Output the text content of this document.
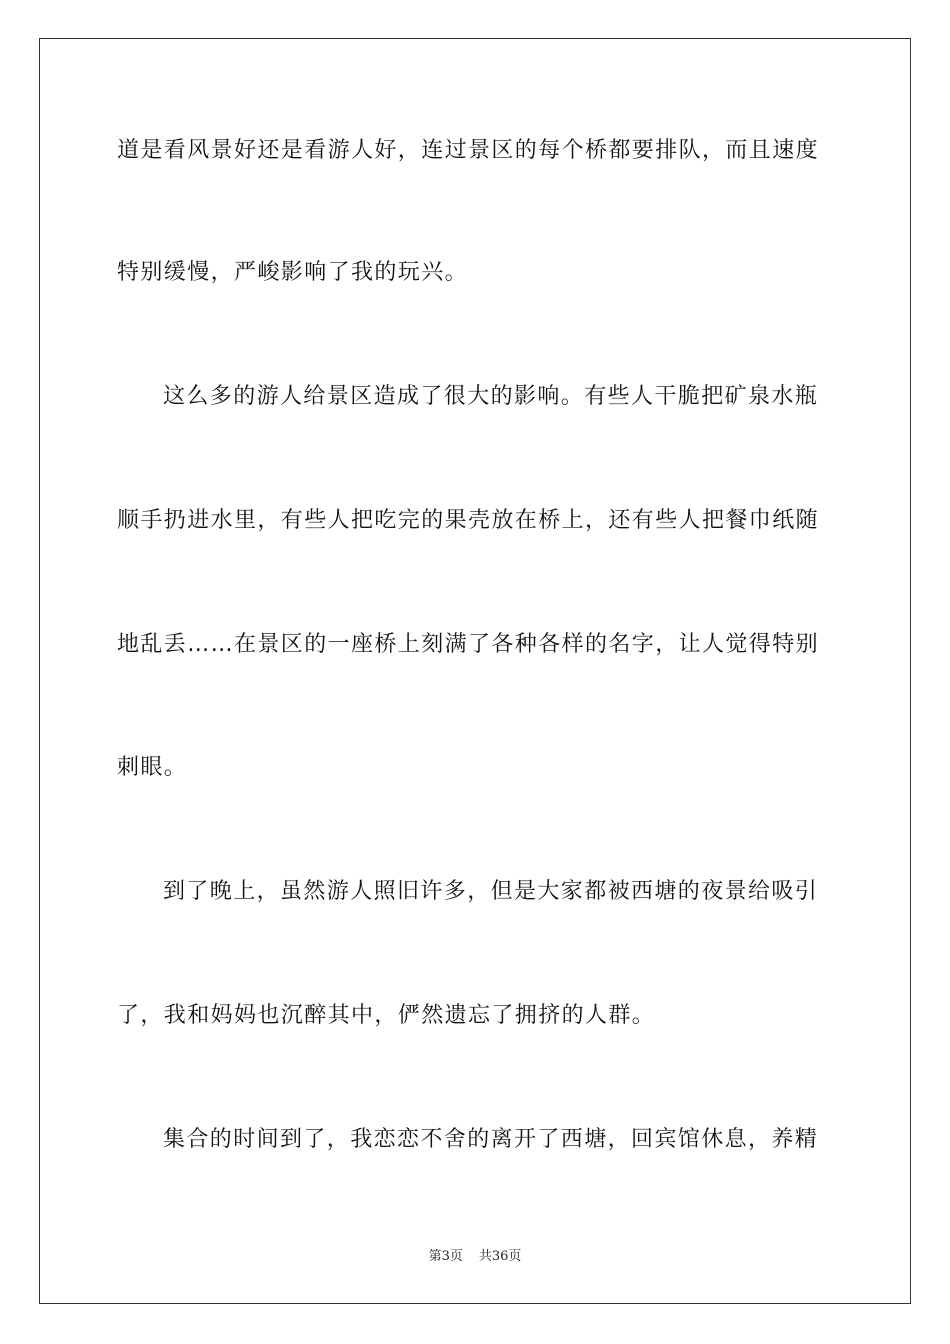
道是看风景好还是看游人好，连过景区的每个桥都要排队，而且速度
特别缓慢，严峻影响了我的玩兴。
这么多的游人给景区造成了很大的影响。有些人干脆把矿泉水瓶
顺手扔进水里，有些人把吃完的果壳放在桥上，还有些人把餐巾纸随
地乱丢……在景区的一座桥上刻满了各种各样的名字，让人觉得特别
刺眼。
到了晚上，虽然游人照旧许多，但是大家都被西塘的夜景给吸引
了，我和妈妈也沉醉其中，俨然遗忘了拥挤的人群。
集合的时间到了，我恋恋不舍的离开了西塘，回宾馆休息，养精
第3页 共36页
